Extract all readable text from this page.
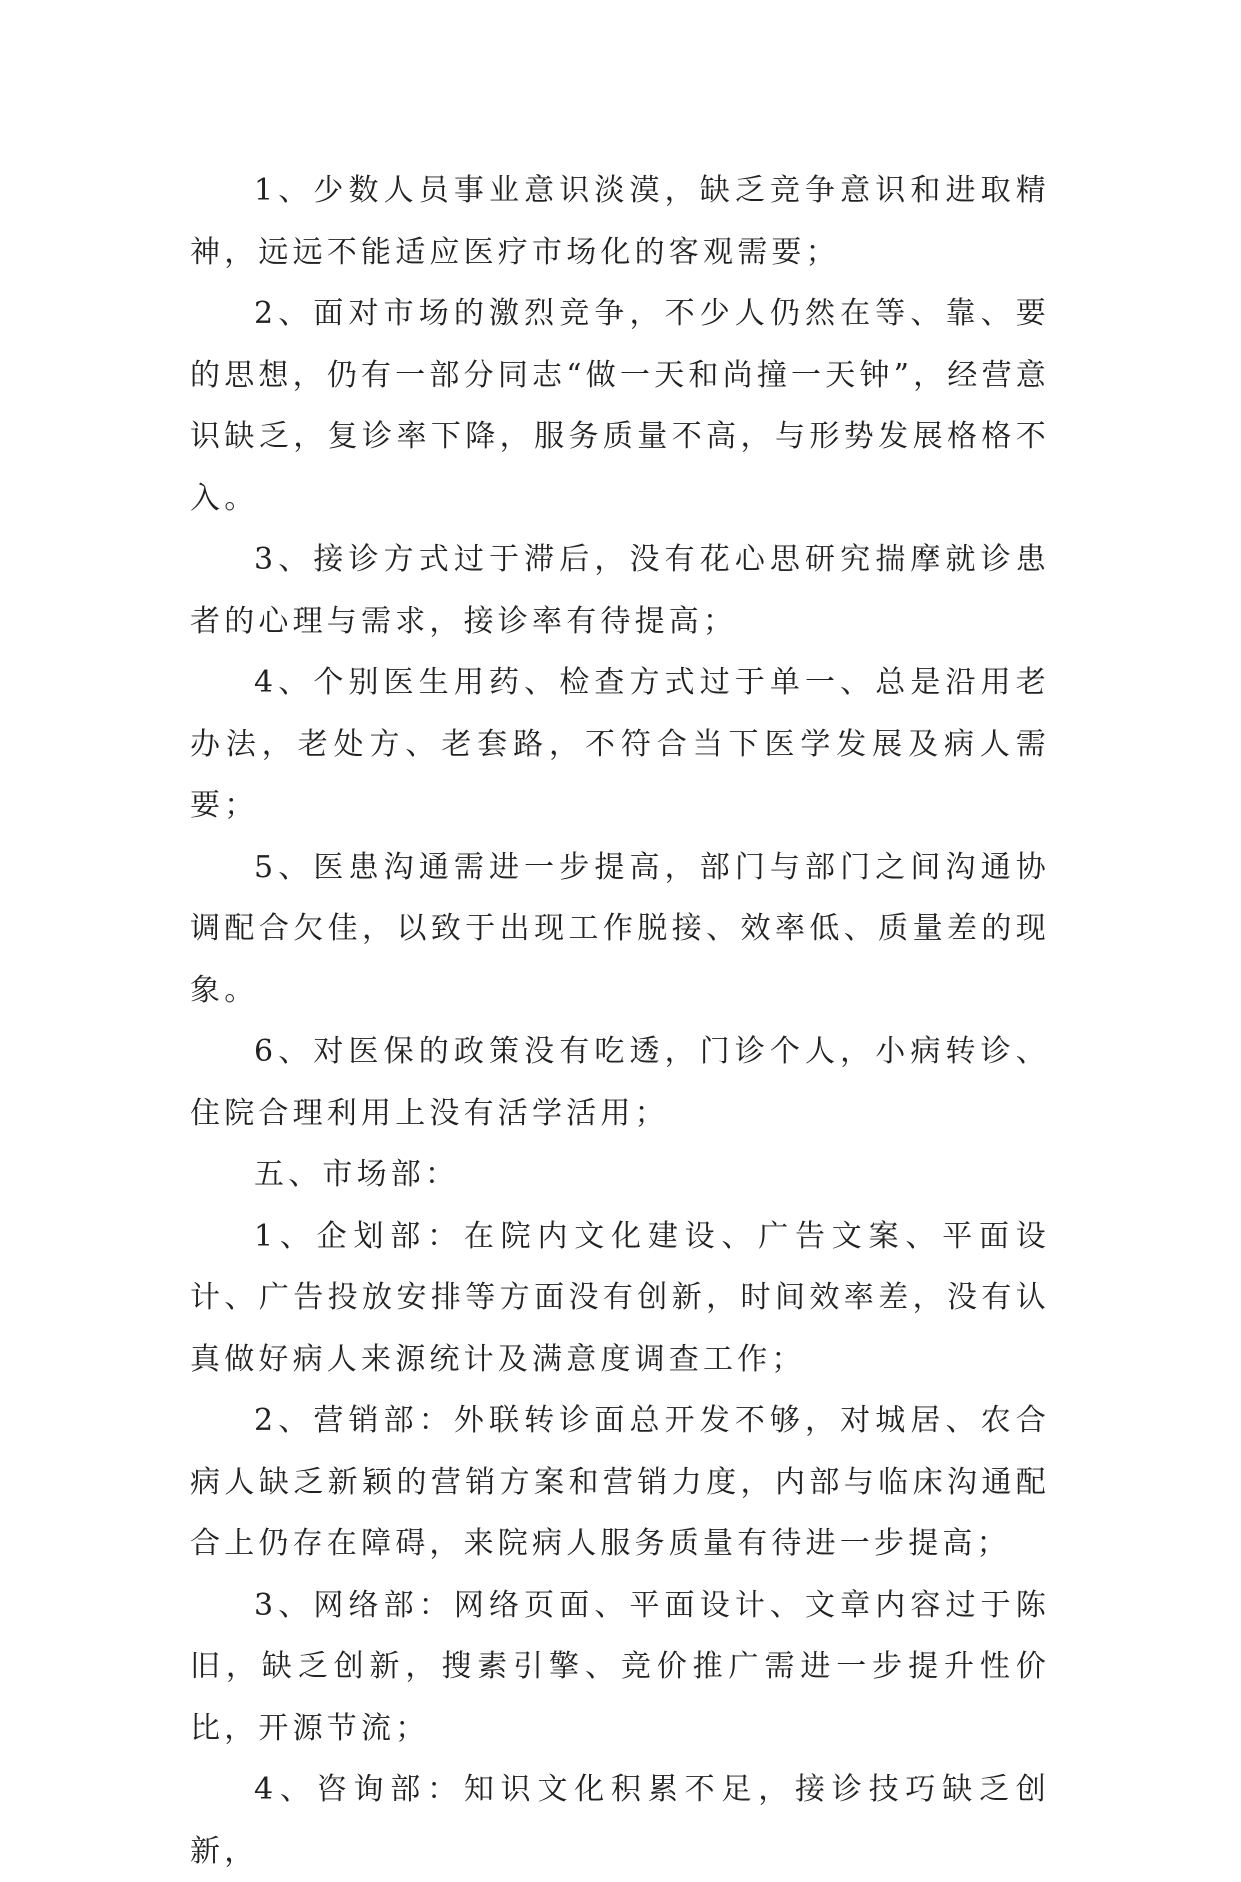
1、少数人员事业意识淡漠，缺乏竞争意识和进取精神，远远不能适应医疗市场化的客观需要；

2、面对市场的激烈竞争，不少人仍然在等、靠、要的思想，仍有一部分同志“做一天和尚撞一天钟”，经营意识缺乏，复诊率下降，服务质量不高，与形势发展格格不入。

3、接诊方式过于滞后，没有花心思研究揣摩就诊患者的心理与需求，接诊率有待提高；

4、个别医生用药、检查方式过于单一、总是沿用老办法，老处方、老套路，不符合当下医学发展及病人需要；

5、医患沟通需进一步提高，部门与部门之间沟通协调配合欠佳，以致于出现工作脱接、效率低、质量差的现象。

6、对医保的政策没有吃透，门诊个人，小病转诊、住院合理利用上没有活学活用；

五、市场部：

1、企划部：在院内文化建设、广告文案、平面设计、广告投放安排等方面没有创新，时间效率差，没有认真做好病人来源统计及满意度调查工作；

2、营销部：外联转诊面总开发不够，对城居、农合病人缺乏新颖的营销方案和营销力度，内部与临床沟通配合上仍存在障碍，来院病人服务质量有待进一步提高；

3、网络部：网络页面、平面设计、文章内容过于陈旧，缺乏创新，搜素引擎、竞价推广需进一步提升性价比，开源节流；

4、咨询部：知识文化积累不足，接诊技巧缺乏创新，
